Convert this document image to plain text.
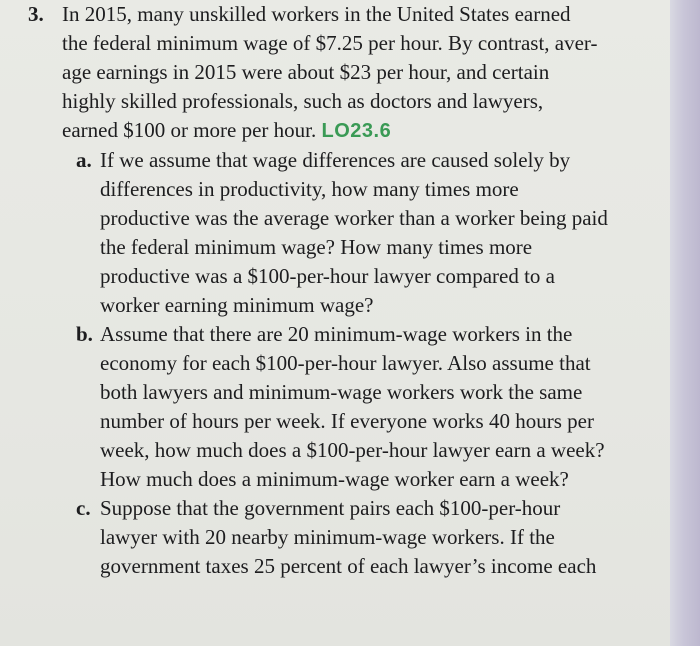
3. In 2015, many unskilled workers in the United States earned
the federal minimum wage of $7.25 per hour. By contrast, aver-
age earnings in 2015 were about $23 per hour, and certain
highly skilled professionals, such as doctors and lawyers,
earned $100 or more per hour. LO23.6
a. If we assume that wage differences are caused solely by
differences in productivity, how many times more
productive was the average worker than a worker being paid
the federal minimum wage? How many times more
productive was a $100-per-hour lawyer compared to a
worker earning minimum wage?
b. Assume that there are 20 minimum-wage workers in the
economy for each $100-per-hour lawyer. Also assume that
both lawyers and minimum-wage workers work the same
number of hours per week. If everyone works 40 hours per
week, how much does a $100-per-hour lawyer earn a week?
How much does a minimum-wage worker earn a week?
c. Suppose that the government pairs each $100-per-hour
lawyer with 20 nearby minimum-wage workers. If the
government taxes 25 percent of each lawyer’s income each
